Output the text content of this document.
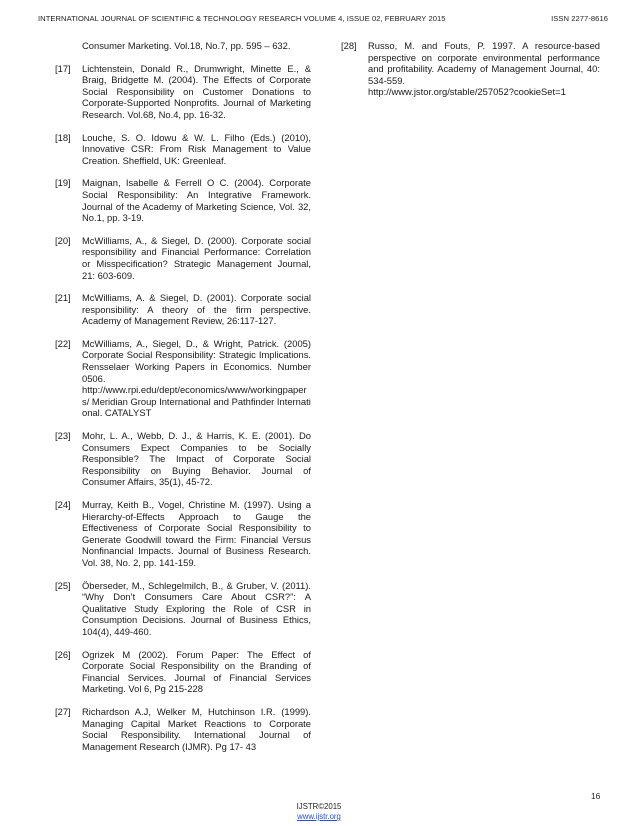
INTERNATIONAL JOURNAL OF SCIENTIFIC & TECHNOLOGY RESEARCH VOLUME 4, ISSUE 02, FEBRUARY 2015	ISSN 2277-8616
Consumer Marketing. Vol.18, No.7, pp. 595 – 632.
[17] Lichtenstein, Donald R., Drumwright, Minette E., & Braig, Bridgette M. (2004). The Effects of Corporate Social Responsibility on Customer Donations to Corporate-Supported Nonprofits. Journal of Marketing Research. Vol.68, No.4, pp. 16-32.
[18] Louche, S. O. Idowu & W. L. Filho (Eds.) (2010), Innovative CSR: From Risk Management to Value Creation. Sheffield, UK: Greenleaf.
[19] Maignan, Isabelle & Ferrell O C. (2004). Corporate Social Responsibility: An Integrative Framework. Journal of the Academy of Marketing Science, Vol. 32, No.1, pp. 3-19.
[20] McWilliams, A., & Siegel, D. (2000). Corporate social responsibility and Financial Performance: Correlation or Misspecification? Strategic Management Journal, 21: 603-609.
[21] McWilliams, A. & Siegel, D. (2001). Corporate social responsibility: A theory of the firm perspective. Academy of Management Review, 26:117-127.
[22] McWilliams, A., Siegel, D., & Wright, Patrick. (2005) Corporate Social Responsibility: Strategic Implications. Rensselaer Working Papers in Economics. Number 0506.
http://www.rpi.edu/dept/economics/www/workingpapers/ Meridian Group International and Pathfinder International. CATALYST
[23] Mohr, L. A., Webb, D. J., & Harris, K. E. (2001). Do Consumers Expect Companies to be Socially Responsible? The Impact of Corporate Social Responsibility on Buying Behavior. Journal of Consumer Affairs, 35(1), 45-72.
[24] Murray, Keith B., Vogel, Christine M. (1997). Using a Hierarchy-of-Effects Approach to Gauge the Effectiveness of Corporate Social Responsibility to Generate Goodwill toward the Firm: Financial Versus Nonfinancial Impacts. Journal of Business Research. Vol. 38, No. 2, pp. 141-159.
[25] Öberseder, M., Schlegelmilch, B., & Gruber, V. (2011). “Why Don’t Consumers Care About CSR?”: A Qualitative Study Exploring the Role of CSR in Consumption Decisions. Journal of Business Ethics, 104(4), 449-460.
[26] Ogrizek M (2002). Forum Paper: The Effect of Corporate Social Responsibility on the Branding of Financial Services. Journal of Financial Services Marketing. Vol 6, Pg 215-228
[27] Richardson A.J, Welker M, Hutchinson I.R. (1999). Managing Capital Market Reactions to Corporate Social Responsibility. International Journal of Management Research (IJMR). Pg 17- 43
[28] Russo, M. and Fouts, P. 1997. A resource-based perspective on corporate environmental performance and profitability. Academy of Management Journal, 40: 534-559.
http://www.jstor.org/stable/257052?cookieSet=1
16
IJSTR©2015
www.ijstr.org
